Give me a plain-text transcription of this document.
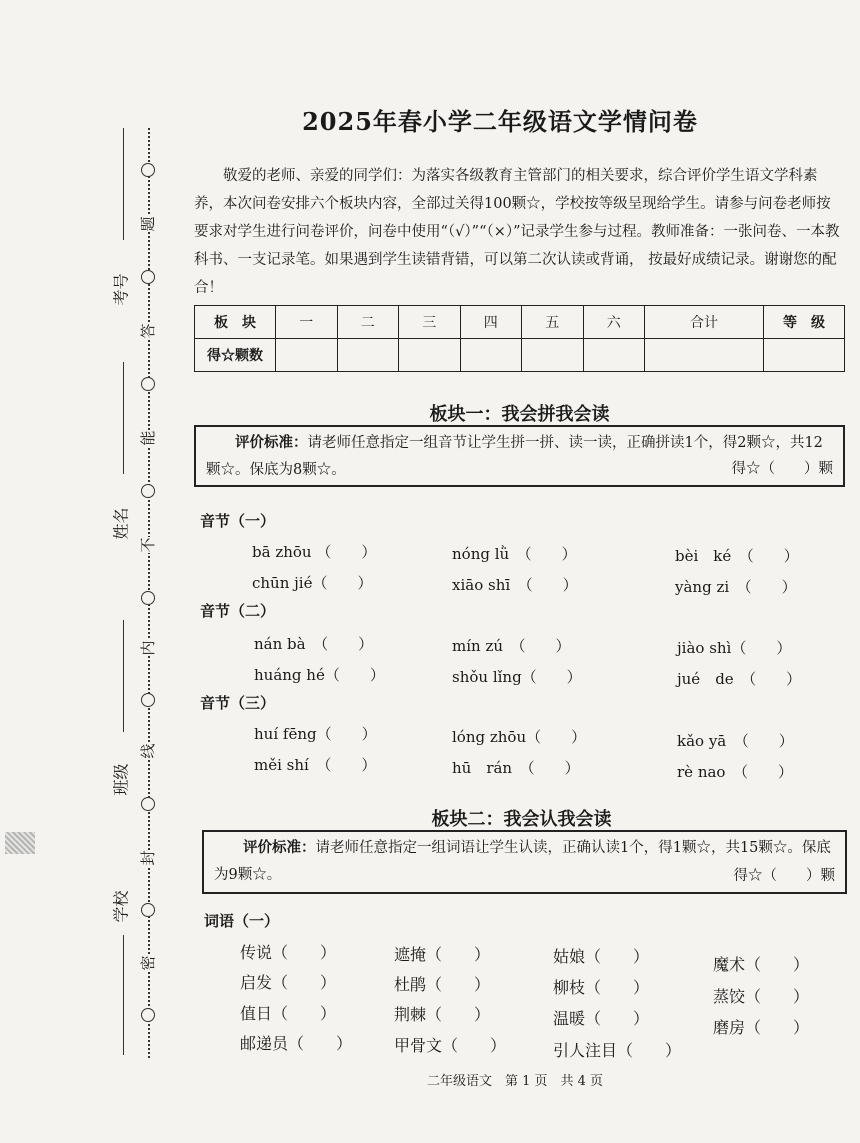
题
答
能
不
内
线
封
密
考号
姓名
班级
学校
2025年春小学二年级语文学情问卷
敬爱的老师、亲爱的同学们：为落实各级教育主管部门的相关要求，综合评价学生语文学科素养，本次问卷安排六个板块内容，全部过关得100颗☆，学校按等级呈现给学生。请参与问卷老师按要求对学生进行问卷评价，问卷中使用“（√）”“（×）”记录学生参与过程。教师准备：一张问卷、一本教科书、一支记录笔。如果遇到学生读错背错，可以第二次认读或背诵， 按最好成绩记录。谢谢您的配合！
板　块	一	二	三	四	五	六	合计	等　级
得☆颗数								
板块一：我会拼我会读
评价标准：请老师任意指定一组音节让学生拼一拼、读一读，正确拼读1个，得2颗☆，共12颗☆。保底为8颗☆。	得☆（　　）颗
音节（一）
bā zhōu （　　）	nóng lǜ　（　　）	bèi　ké　（　　）
chūn jié（　　）	xiāo shī　（　　）	yàng zi　（　　）
音节（二）
nán bà　（　　）	mín zú　（　　）	jiào shì（　　）
huáng hé（　　）	shǒu lǐng（　　）	jué　de　（　　）
音节（三）
huí fēng（　　）	lóng zhōu（　　）	kǎo yā　（　　）
měi shí　（　　）	hū　rán　（　　）	rè nao　（　　）
板块二：我会认我会读
评价标准：请老师任意指定一组词语让学生认读，正确认读1个，得1颗☆，共15颗☆。保底为9颗☆。	得☆（　　）颗
词语（一）
传说（　　）	遮掩（　　）	姑娘（　　）	魔术（　　）
启发（　　）	杜鹃（　　）	柳枝（　　）	蒸饺（　　）
值日（　　）	荆棘（　　）	温暖（　　）	磨房（　　）
邮递员（　　）	甲骨文（　　）	引人注目（　　）
二年级语文　第 1 页　共 4 页
